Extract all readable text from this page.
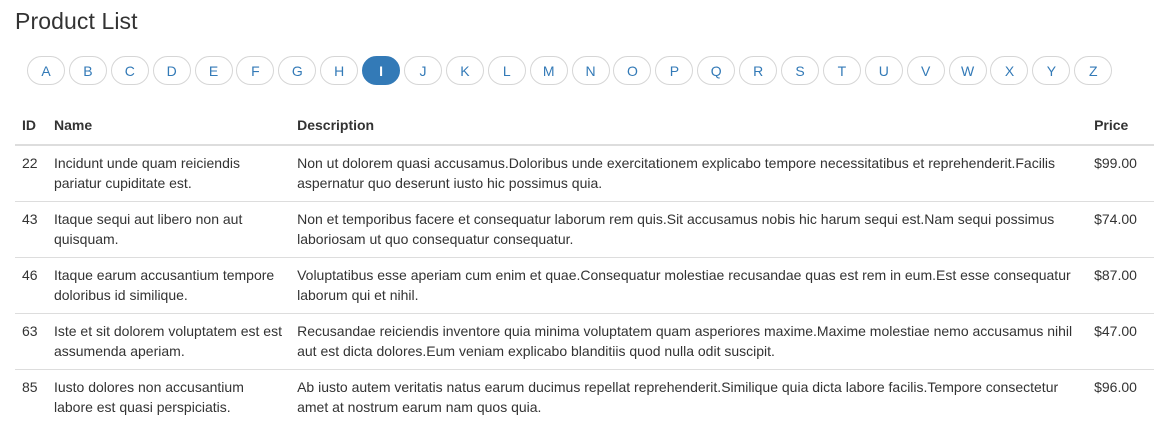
Product List
A	B	C	D	E	F	G	H	I	J	K	L	M	N	O	P	Q	R	S	T	U	V	W	X	Y	Z
ID	Name	Description	Price
22	Incidunt unde quam reiciendis pariatur cupiditate est.	Non ut dolorem quasi accusamus.Doloribus unde exercitationem explicabo tempore necessitatibus et reprehenderit.Facilis aspernatur quo deserunt iusto hic possimus quia.	$99.00
43	Itaque sequi aut libero non aut quisquam.	Non et temporibus facere et consequatur laborum rem quis.Sit accusamus nobis hic harum sequi est.Nam sequi possimus laboriosam ut quo consequatur consequatur.	$74.00
46	Itaque earum accusantium tempore doloribus id similique.	Voluptatibus esse aperiam cum enim et quae.Consequatur molestiae recusandae quas est rem in eum.Est esse consequatur laborum qui et nihil.	$87.00
63	Iste et sit dolorem voluptatem est est assumenda aperiam.	Recusandae reiciendis inventore quia minima voluptatem quam asperiores maxime.Maxime molestiae nemo accusamus nihil aut est dicta dolores.Eum veniam explicabo blanditiis quod nulla odit suscipit.	$47.00
85	Iusto dolores non accusantium labore est quasi perspiciatis.	Ab iusto autem veritatis natus earum ducimus repellat reprehenderit.Similique quia dicta labore facilis.Tempore consectetur amet at nostrum earum nam quos quia.	$96.00
